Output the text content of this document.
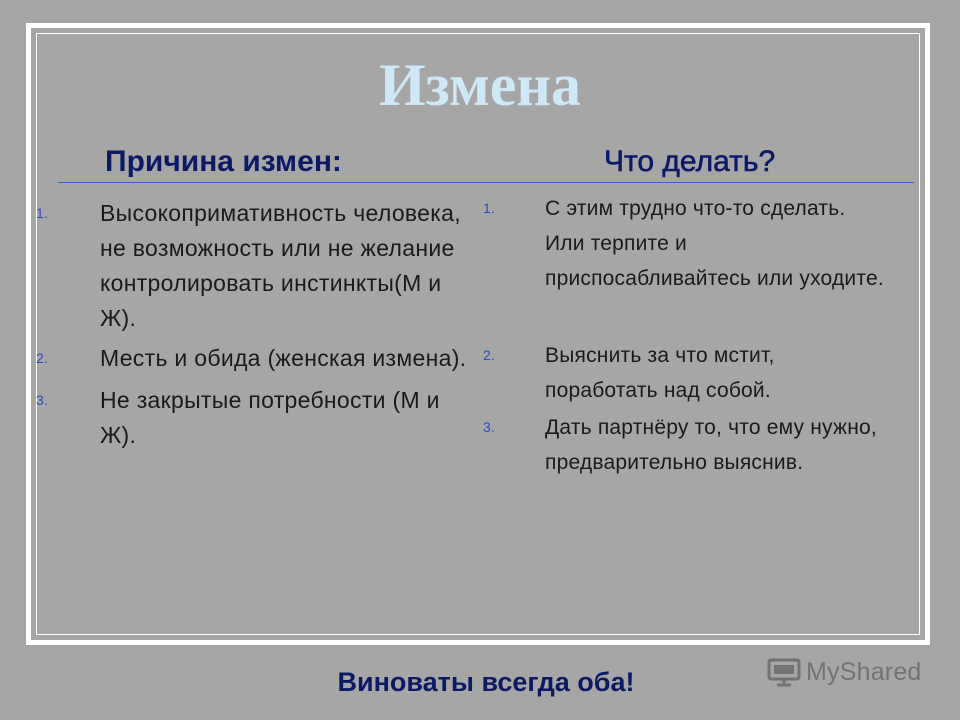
Измена
Причина измен:	Что делать?
1. Высокопримативность человека, не возможность или не желание контролировать инстинкты(М и Ж).
2. Месть и обида (женская измена).
3. Не закрытые потребности (М и Ж).
1. С этим трудно что-то сделать. Или терпите и приспосабливайтесь или уходите.
2. Выяснить за что мстит, поработать над собой.
3. Дать партнёру то, что ему нужно, предварительно выяснив.

Виноваты всегда оба!	MyShared
